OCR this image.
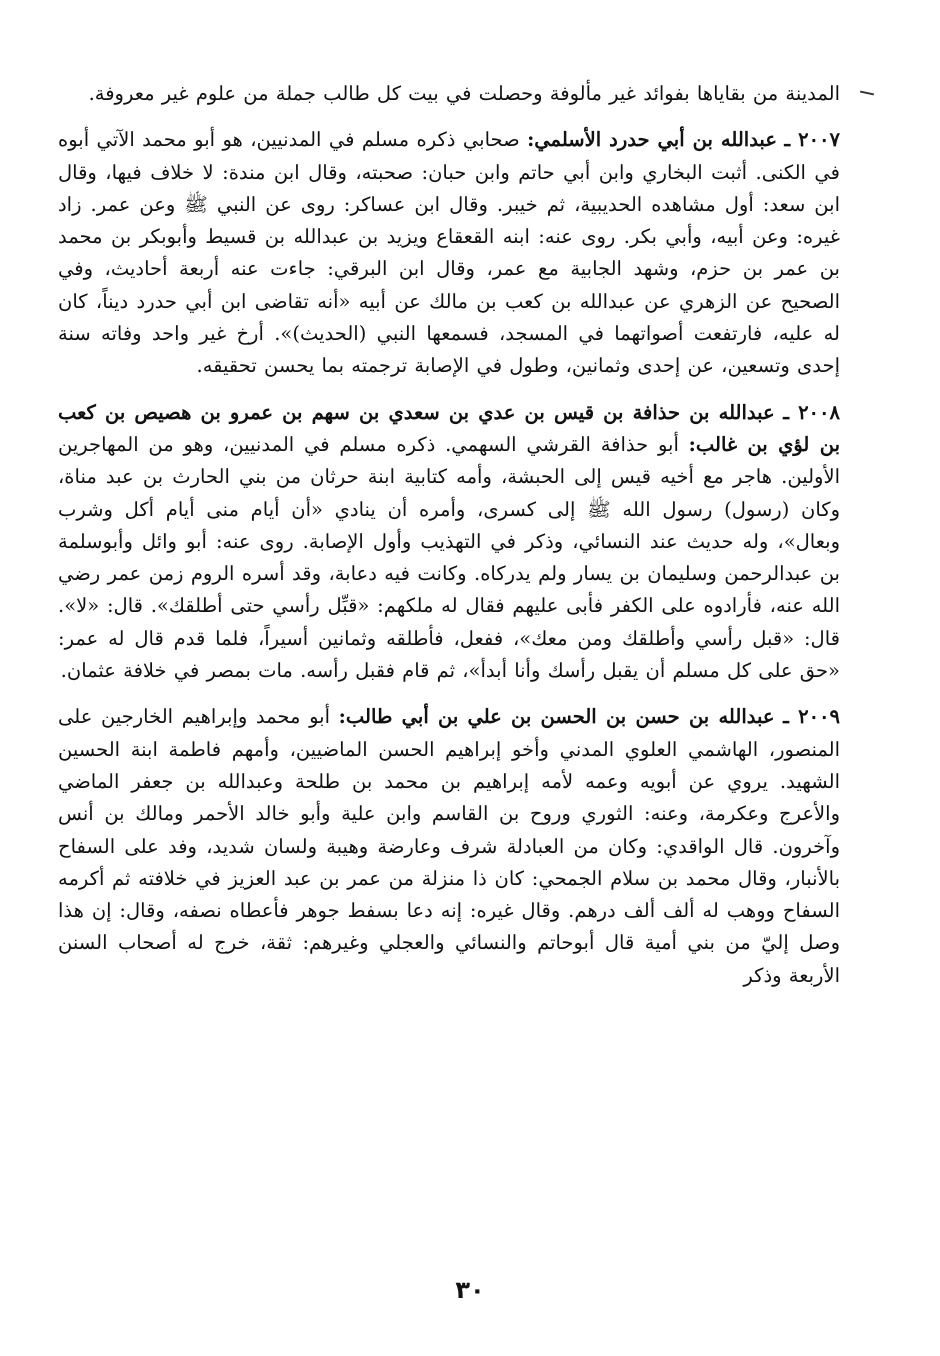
المدينة من بقاياها بفوائد غير مألوفة وحصلت في بيت كل طالب جملة من علوم غير معروفة.

٢٠٠٧ ـ عبدالله بن أبي حدرد الأسلمي: صحابي ذكره مسلم في المدنيين، هو أبو محمد الآتي أبوه في الكنى. أثبت البخاري وابن أبي حاتم وابن حبان: صحبته، وقال ابن مندة: لا خلاف فيها، وقال ابن سعد: أول مشاهده الحديبية، ثم خيبر. وقال ابن عساكر: روى عن النبي ﷺ وعن عمر. زاد غيره: وعن أبيه، وأبي بكر. روى عنه: ابنه القعقاع ويزيد بن عبدالله بن قسيط وأبوبكر بن محمد بن عمر بن حزم، وشهد الجابية مع عمر، وقال ابن البرقي: جاءت عنه أربعة أحاديث، وفي الصحيح عن الزهري عن عبدالله بن كعب بن مالك عن أبيه «أنه تقاضى ابن أبي حدرد ديناً، كان له عليه، فارتفعت أصواتهما في المسجد، فسمعها النبي (الحديث)». أرخ غير واحد وفاته سنة إحدى وتسعين، عن إحدى وثمانين، وطول في الإصابة ترجمته بما يحسن تحقيقه.

٢٠٠٨ ـ عبدالله بن حذافة بن قيس بن عدي بن سعدي بن سهم بن عمرو بن هصيص بن كعب بن لؤي بن غالب: أبو حذافة القرشي السهمي. ذكره مسلم في المدنيين، وهو من المهاجرين الأولين. هاجر مع أخيه قيس إلى الحبشة، وأمه كتابية ابنة حرثان من بني الحارث بن عبد مناة، وكان (رسول) رسول الله ﷺ إلى كسرى، وأمره أن ينادي «أن أيام منى أيام أكل وشرب وبعال»، وله حديث عند النسائي، وذكر في التهذيب وأول الإصابة. روى عنه: أبو وائل وأبوسلمة بن عبدالرحمن وسليمان بن يسار ولم يدركاه. وكانت فيه دعابة، وقد أسره الروم زمن عمر رضي الله عنه، فأرادوه على الكفر فأبى عليهم فقال له ملكهم: «قبِّل رأسي حتى أطلقك». قال: «لا». قال: «قبل رأسي وأطلقك ومن معك»، ففعل، فأطلقه وثمانين أسيراً، فلما قدم قال له عمر: «حق على كل مسلم أن يقبل رأسك وأنا أبدأ»، ثم قام فقبل رأسه. مات بمصر في خلافة عثمان.

٢٠٠٩ ـ عبدالله بن حسن بن الحسن بن علي بن أبي طالب: أبو محمد وإبراهيم الخارجين على المنصور، الهاشمي العلوي المدني وأخو إبراهيم الحسن الماضيين، وأمهم فاطمة ابنة الحسين الشهيد. يروي عن أبويه وعمه لأمه إبراهيم بن محمد بن طلحة وعبدالله بن جعفر الماضي والأعرج وعكرمة، وعنه: الثوري وروح بن القاسم وابن علية وأبو خالد الأحمر ومالك بن أنس وآخرون. قال الواقدي: وكان من العبادلة شرف وعارضة وهيبة ولسان شديد، وفد على السفاح بالأنبار، وقال محمد بن سلام الجمحي: كان ذا منزلة من عمر بن عبد العزيز في خلافته ثم أكرمه السفاح ووهب له ألف ألف درهم. وقال غيره: إنه دعا بسفط جوهر فأعطاه نصفه، وقال: إن هذا وصل إليّ من بني أمية قال أبوحاتم والنسائي والعجلي وغيرهم: ثقة، خرج له أصحاب السنن الأربعة وذكر

٣٠
